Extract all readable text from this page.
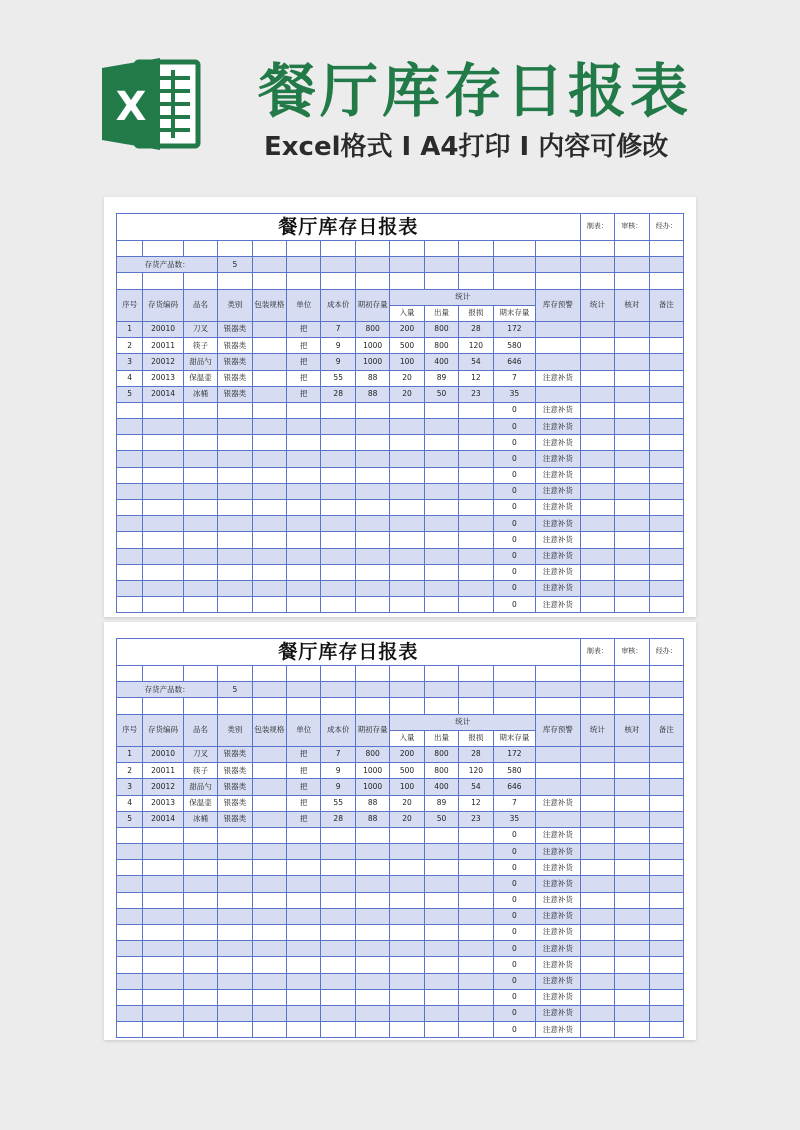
X 餐厅库存日报表
Excel格式 I A4打印 I 内容可修改
餐厅库存日报表													制表：	审核：	经办：

存货产品数：			5												

序号	存货编码	品名	类别	包装规格	单位	成本价	期初存量	统计				库存预警	统计	核对	备注
								入量	出量	报损	期末存量				
1	20010	刀叉	银器类		把	7	800	200	800	28	172				
2	20011	筷子	银器类		把	9	1000	500	800	120	580				
3	20012	甜品勺	银器类		把	9	1000	100	400	54	646				
4	20013	保温壶	银器类		把	55	88	20	89	12	7	注意补货			
5	20014	冰桶	银器类		把	28	88	20	50	23	35				
											0	注意补货			
											0	注意补货			
											0	注意补货			
											0	注意补货			
											0	注意补货			
											0	注意补货			
											0	注意补货			
											0	注意补货			
											0	注意补货			
											0	注意补货			
											0	注意补货			
											0	注意补货			
											0	注意补货			
餐厅库存日报表													制表：	审核：	经办：

存货产品数：			5												

序号	存货编码	品名	类别	包装规格	单位	成本价	期初存量	统计				库存预警	统计	核对	备注
								入量	出量	报损	期末存量				
1	20010	刀叉	银器类		把	7	800	200	800	28	172				
2	20011	筷子	银器类		把	9	1000	500	800	120	580				
3	20012	甜品勺	银器类		把	9	1000	100	400	54	646				
4	20013	保温壶	银器类		把	55	88	20	89	12	7	注意补货			
5	20014	冰桶	银器类		把	28	88	20	50	23	35				
											0	注意补货			
											0	注意补货			
											0	注意补货			
											0	注意补货			
											0	注意补货			
											0	注意补货			
											0	注意补货			
											0	注意补货			
											0	注意补货			
											0	注意补货			
											0	注意补货			
											0	注意补货			
											0	注意补货			
